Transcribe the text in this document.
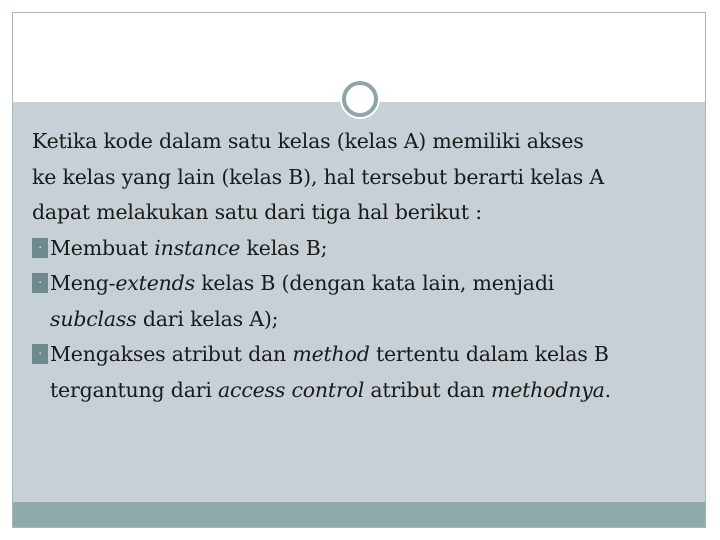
Ketika kode dalam satu kelas (kelas A) memiliki akses
ke kelas yang lain (kelas B), hal tersebut berarti kelas A
dapat melakukan satu dari tiga hal berikut :
· Membuat instance kelas B;
· Meng-extends kelas B (dengan kata lain, menjadi
subclass dari kelas A);
· Mengakses atribut dan method tertentu dalam kelas B
tergantung dari access control atribut dan methodnya.
